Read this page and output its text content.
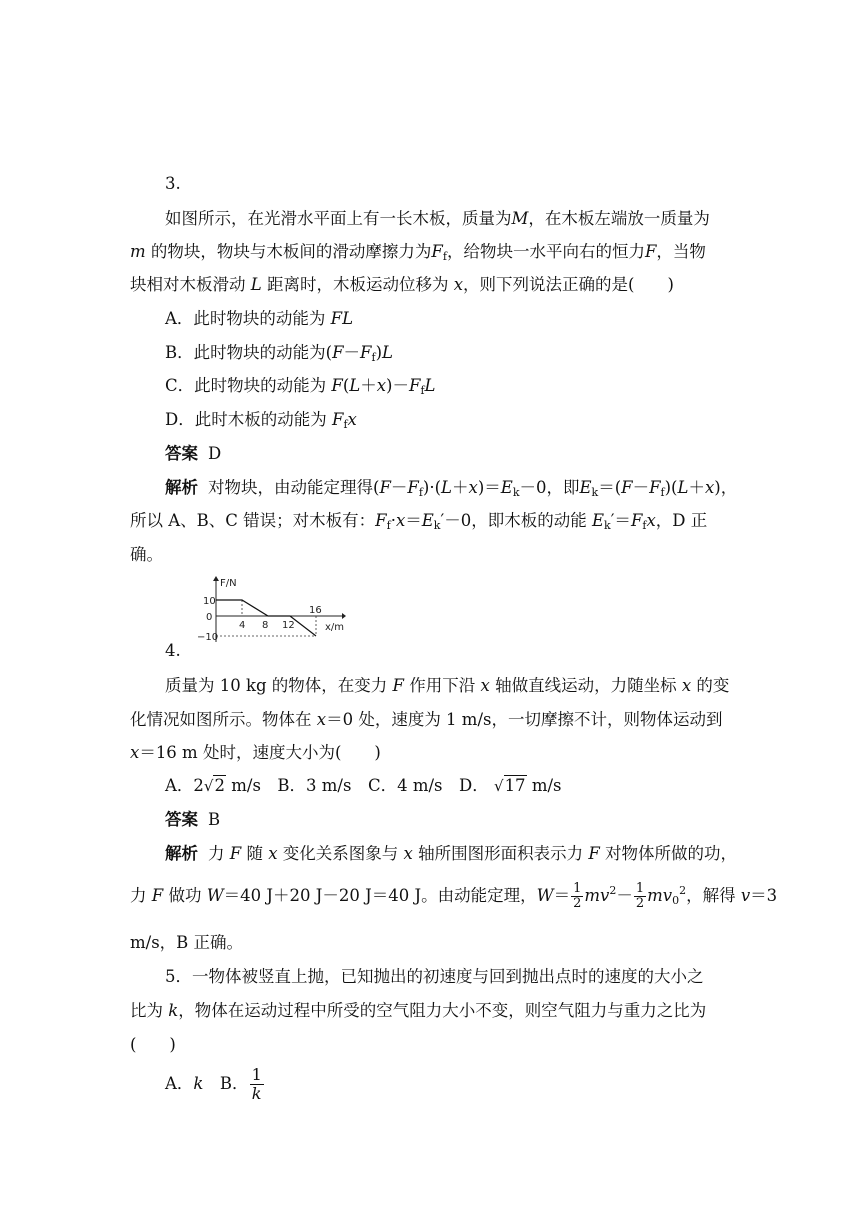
3.
如图所示，在光滑水平面上有一长木板，质量为M，在木板左端放一质量为
m 的物块，物块与木板间的滑动摩擦力为$F_f$，给物块一水平向右的恒力F，当物
块相对木板滑动 L 距离时，木板运动位移为 x，则下列说法正确的是(　　)
A．此时物块的动能为 FL
B．此时物块的动能为$(F-F_f)L$
C．此时物块的动能为 $F(L+x)-F_fL$
D．此时木板的动能为 $F_fx$
答案 D
解析 对物块，由动能定理得$(F-F_f)\cdot(L+x)=E_k-0$，即$E_k=(F-F_f)(L+x)$，
所以 A、B、C 错误；对木板有：$F_f\cdot x=E_k'-0$，即木板的动能 $E_k'=F_fx$，D 正
确。
F/N
x/m
10
0
−10
4 8 12
16
4.
质量为 10 kg 的物体，在变力 F 作用下沿 x 轴做直线运动，力随坐标 x 的变
化情况如图所示。物体在 x＝0 处，速度为 1 m/s，一切摩擦不计，则物体运动到
x＝16 m 处时，速度大小为(　　)
A．2√2 m/s　 B．3 m/s　 C．4 m/s　 D． √17 m/s
答案 B
解析 力 F 随 x 变化关系图象与 x 轴所围图形面积表示力 F 对物体所做的功，
力 F 做功 W＝40 J＋20 J－20 J＝40 J。由动能定理，$W= \frac{1}{2} mv^2- \frac{1}{2} mv_0^2$，解得 v＝3
m/s，B 正确。
5．一物体被竖直上抛，已知抛出的初速度与回到抛出点时的速度的大小之
比为 k，物体在运动过程中所受的空气阻力大小不变，则空气阻力与重力之比为
(　　)
A．k　 B． $\frac{1}{k}$
